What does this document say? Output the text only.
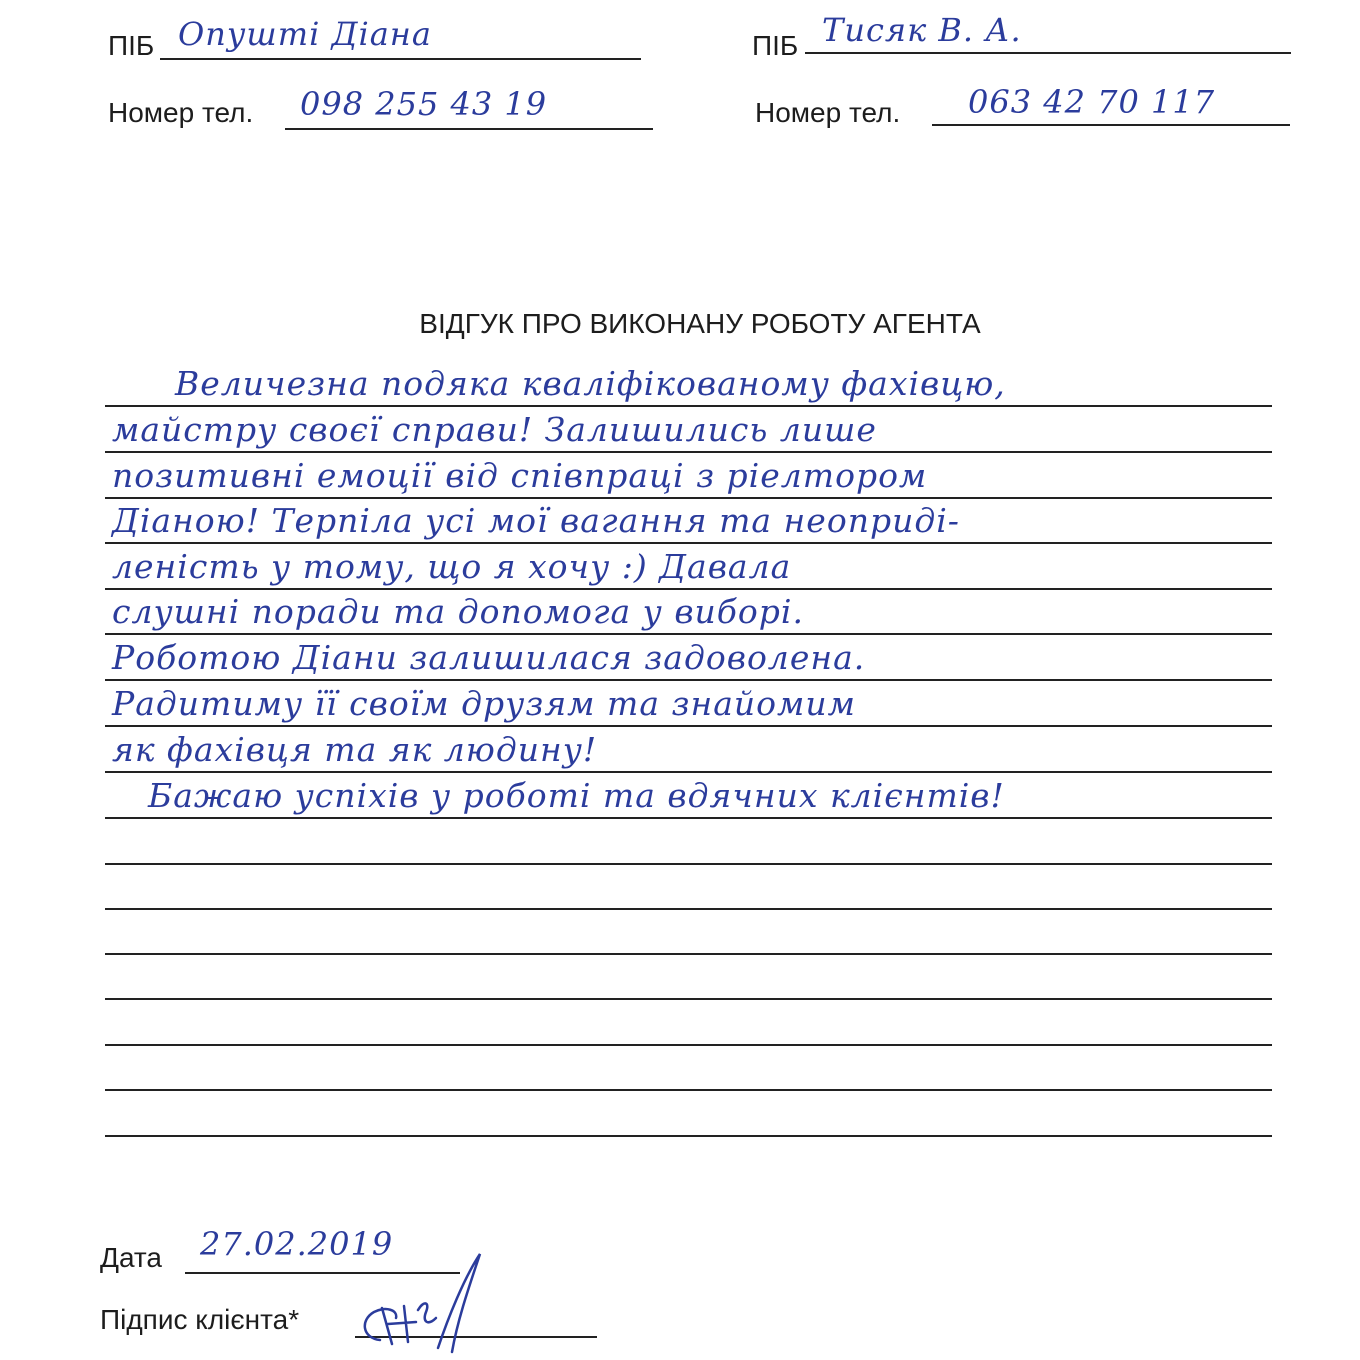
ПІБ Опушті Діана
Номер тел. 098 255 43 19
ПІБ Тисяк В. А.
Номер тел. 063 42 70 117
ВІДГУК ПРО ВИКОНАНУ РОБОТУ АГЕНТА
Величезна подяка кваліфікованому фахівцю,
майстру своєї справи! Залишились лише
позитивні емоції від співпраці з ріелтором
Діаною! Терпіла усі мої вагання та неоприді-
леність у тому, що я хочу :) Давала
слушні поради та допомога у виборі.
Роботою Діани залишилася задоволена.
Радитиму її своїм друзям та знайомим
як фахівця та як людину!
Бажаю успіхів у роботі та вдячних клієнтів!
Дата 27.02.2019
Підпис клієнта*
